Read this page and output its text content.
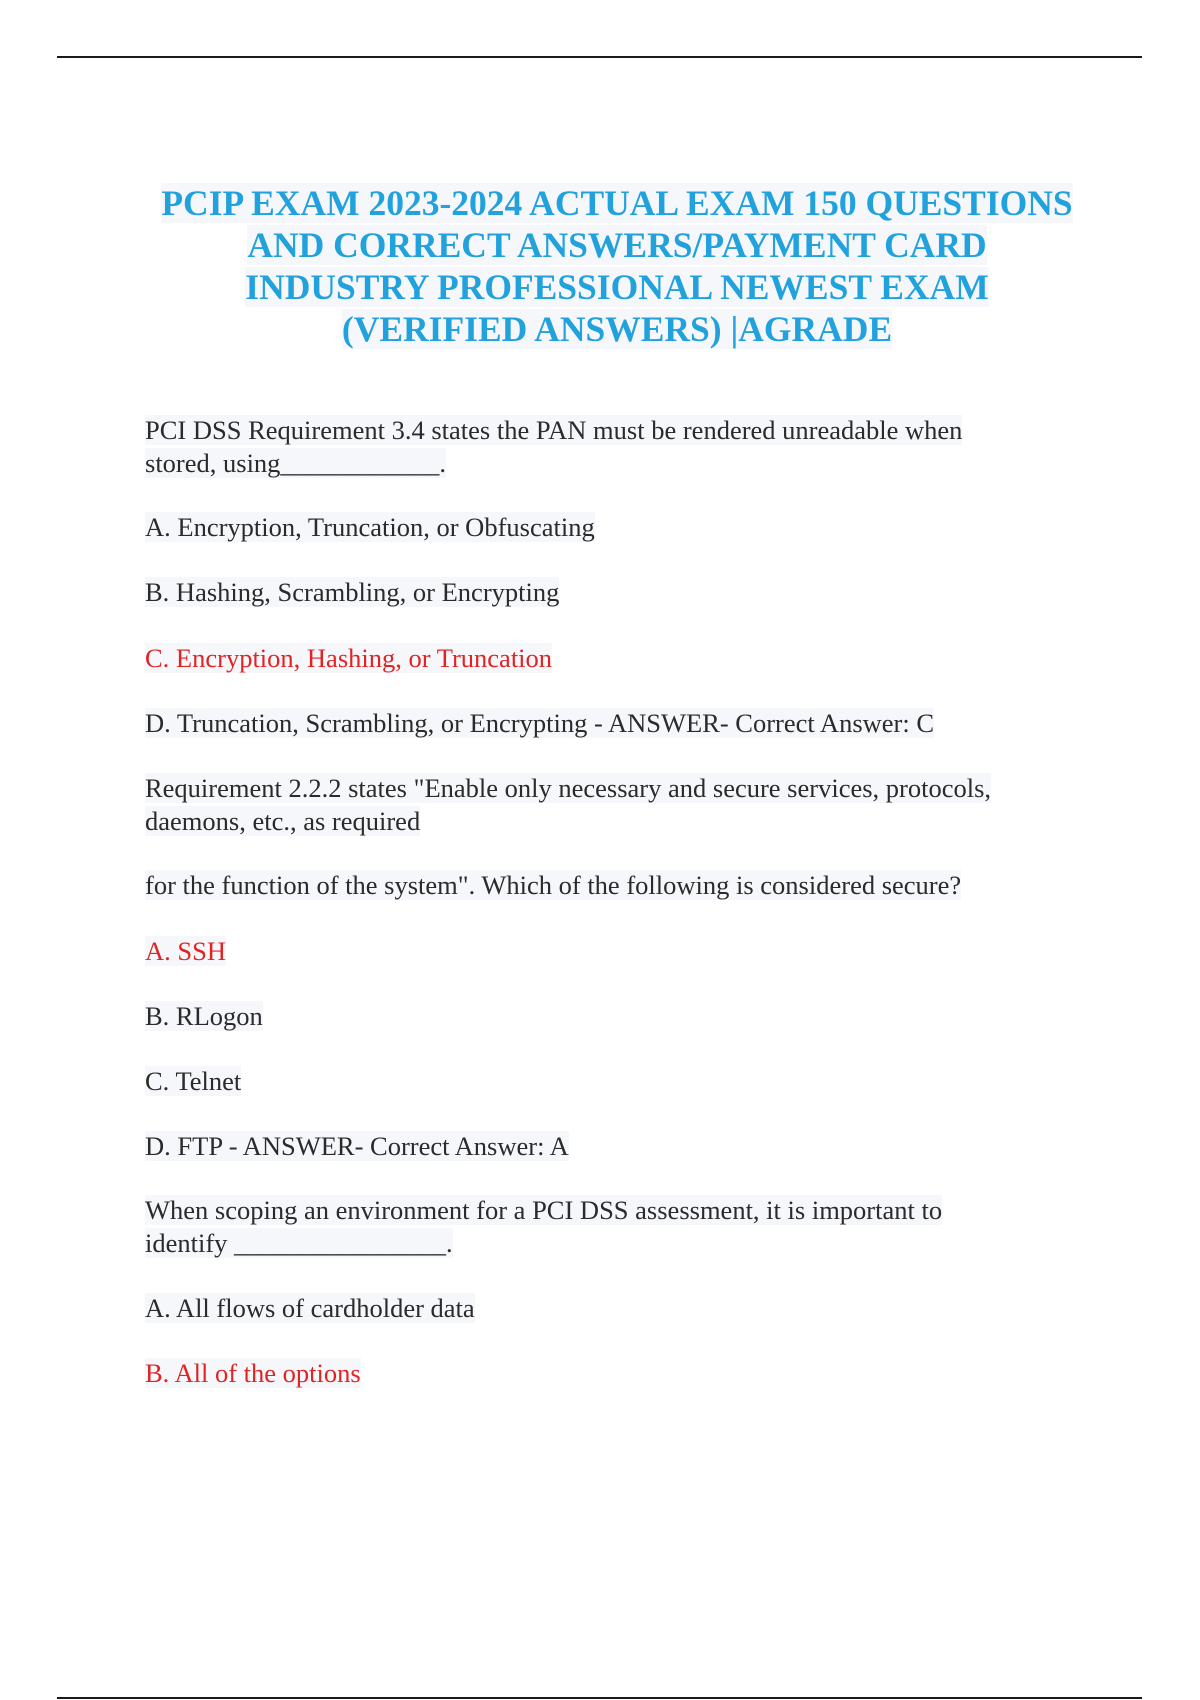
PCIP EXAM 2023-2024 ACTUAL EXAM 150 QUESTIONS
AND CORRECT ANSWERS/PAYMENT CARD
INDUSTRY PROFESSIONAL NEWEST EXAM
(VERIFIED ANSWERS) |AGRADE

PCI DSS Requirement 3.4 states the PAN must be rendered unreadable when
stored, using____________.

A. Encryption, Truncation, or Obfuscating

B. Hashing, Scrambling, or Encrypting

C. Encryption, Hashing, or Truncation

D. Truncation, Scrambling, or Encrypting - ANSWER- Correct Answer: C

Requirement 2.2.2 states "Enable only necessary and secure services, protocols,
daemons, etc., as required

for the function of the system". Which of the following is considered secure?

A. SSH

B. RLogon

C. Telnet

D. FTP - ANSWER- Correct Answer: A

When scoping an environment for a PCI DSS assessment, it is important to
identify ________________.

A. All flows of cardholder data

B. All of the options
